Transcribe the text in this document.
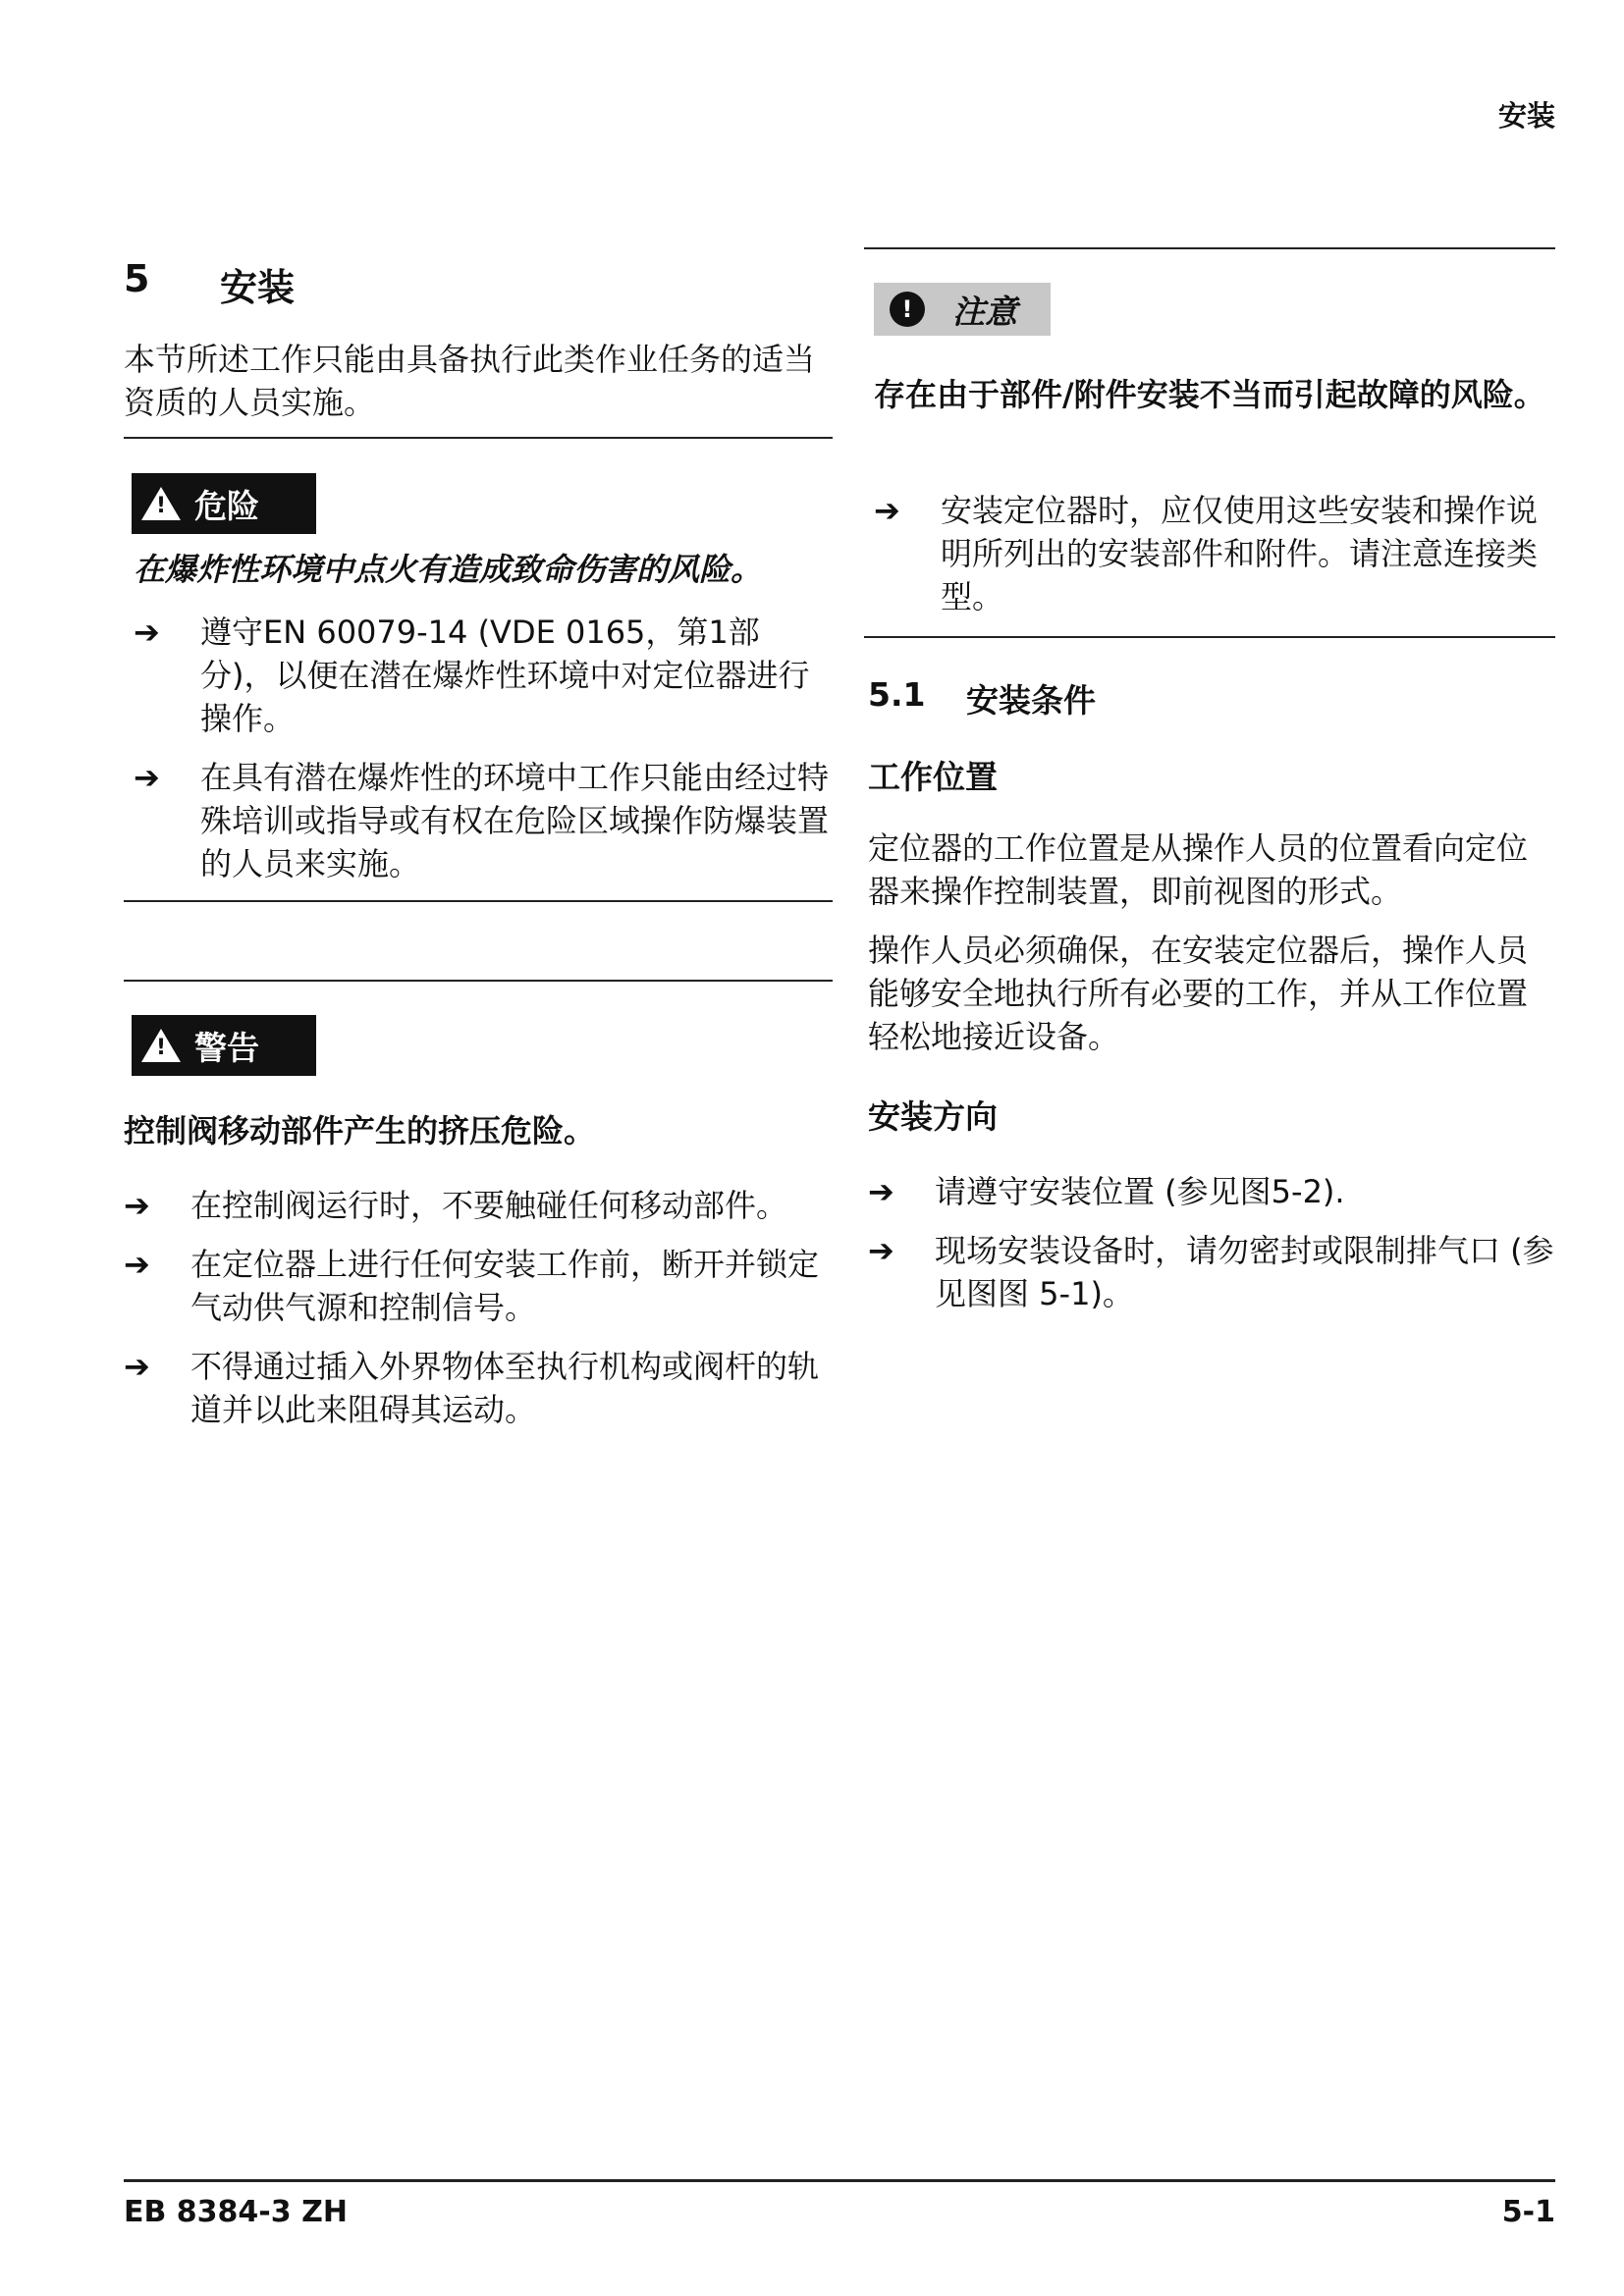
安装
5	安装

本节所述工作只能由具备执行此类作业任务的适当资质的人员实施。

!
危险
在爆炸性环境中点火有造成致命伤害的风险。
➔	遵守EN 60079-14 (VDE 0165，第1部分)，以便在潜在爆炸性环境中对定位器进行操作。
➔	在具有潜在爆炸性的环境中工作只能由经过特殊培训或指导或有权在危险区域操作防爆装置的人员来实施。
!
警告
控制阀移动部件产生的挤压危险。
➔	在控制阀运行时，不要触碰任何移动部件。
➔	在定位器上进行任何安装工作前，断开并锁定气动供气源和控制信号。
➔	不得通过插入外界物体至执行机构或阀杆的轨道并以此来阻碍其运动。
!	注意
存在由于部件/附件安装不当而引起故障的风险。
➔	安装定位器时，应仅使用这些安装和操作说明所列出的安装部件和附件。请注意连接类型。
5.1	安装条件
工作位置

定位器的工作位置是从操作人员的位置看向定位器来操作控制装置，即前视图的形式。

操作人员必须确保，在安装定位器后，操作人员能够安全地执行所有必要的工作，并从工作位置轻松地接近设备。

安装方向
➔	请遵守安装位置 (参见图5-2).
➔	现场安装设备时，请勿密封或限制排气口 (参见图图 5-1)。
EB 8384-3 ZH	5-1
